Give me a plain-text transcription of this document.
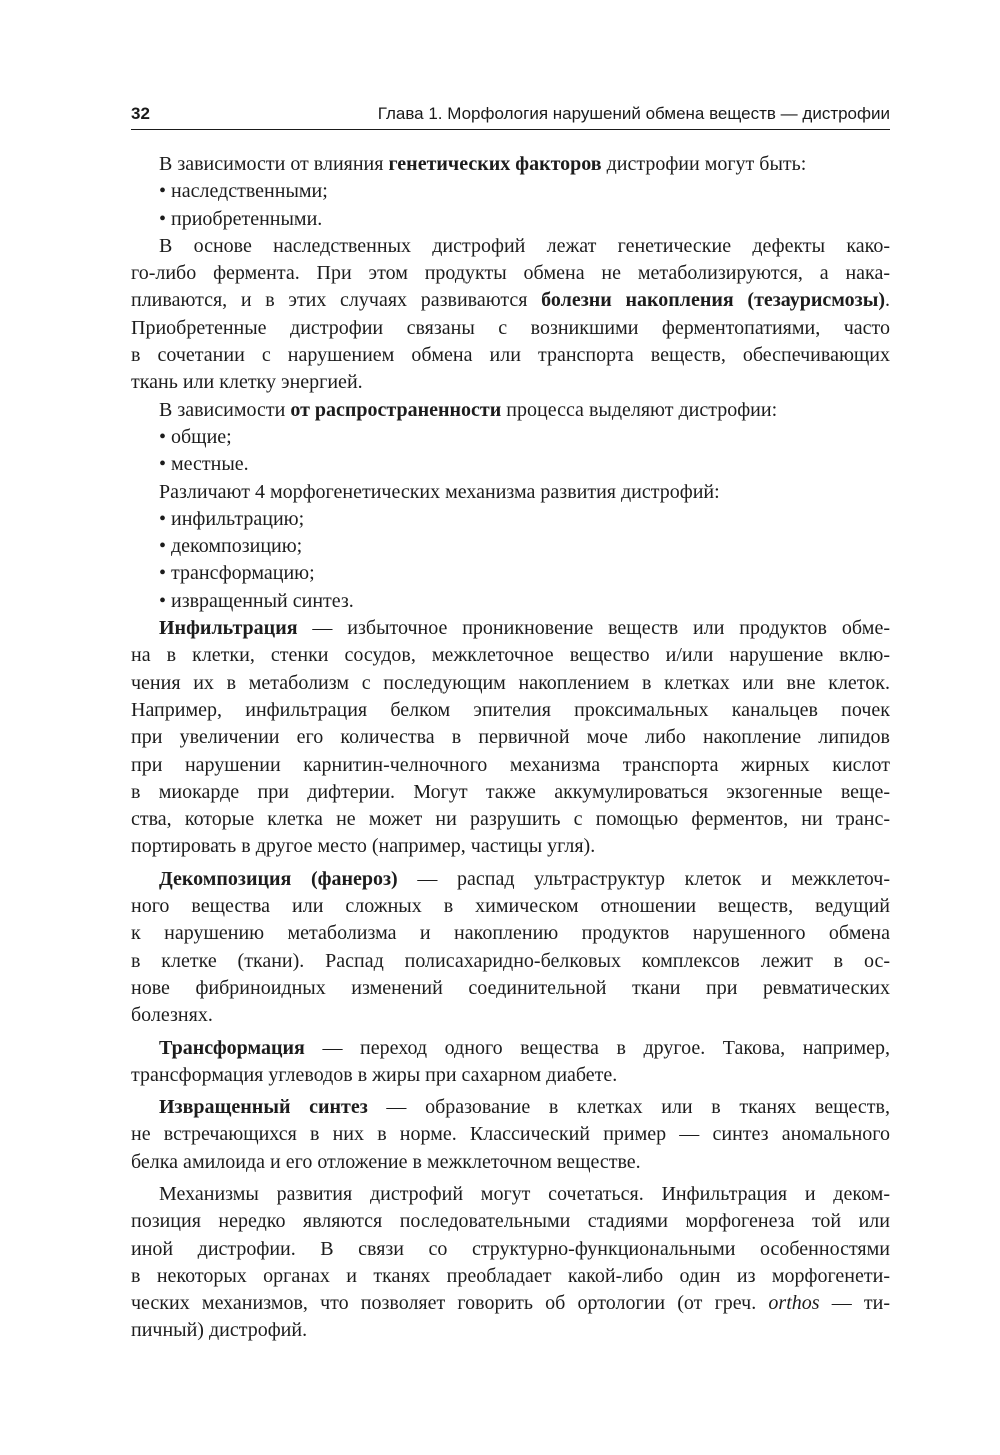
32	Глава 1. Морфология нарушений обмена веществ — дистрофии

В зависимости от влияния генетических факторов дистрофии могут быть:

• наследственными;

• приобретенными.

В основе наследственных дистрофий лежат генетические дефекты како-

го-либо фермента. При этом продукты обмена не метаболизируются, а нака-

пливаются, и в этих случаях развиваются болезни накопления (тезаурисмозы).

Приобретенные дистрофии связаны с возникшими ферментопатиями, часто

в сочетании с нарушением обмена или транспорта веществ, обеспечивающих

ткань или клетку энергией.

В зависимости от распространенности процесса выделяют дистрофии:

• общие;

• местные.

Различают 4 морфогенетических механизма развития дистрофий:

• инфильтрацию;

• декомпозицию;

• трансформацию;

• извращенный синтез.

Инфильтрация — избыточное проникновение веществ или продуктов обме-

на в клетки, стенки сосудов, межклеточное вещество и/или нарушение вклю-

чения их в метаболизм с последующим накоплением в клетках или вне клеток.

Например, инфильтрация белком эпителия проксимальных канальцев почек

при увеличении его количества в первичной моче либо накопление липидов

при нарушении карнитин-челночного механизма транспорта жирных кислот

в миокарде при дифтерии. Могут также аккумулироваться экзогенные веще-

ства, которые клетка не может ни разрушить с помощью ферментов, ни транс-

портировать в другое место (например, частицы угля).

Декомпозиция (фанероз) — распад ультраструктур клеток и межклеточ-

ного вещества или сложных в химическом отношении веществ, ведущий

к нарушению метаболизма и накоплению продуктов нарушенного обмена

в клетке (ткани). Распад полисахаридно-белковых комплексов лежит в ос-

нове фибриноидных изменений соединительной ткани при ревматических

болезнях.

Трансформация — переход одного вещества в другое. Такова, например,

трансформация углеводов в жиры при сахарном диабете.

Извращенный синтез — образование в клетках или в тканях веществ,

не встречающихся в них в норме. Классический пример — синтез аномального

белка амилоида и его отложение в межклеточном веществе.

Механизмы развития дистрофий могут сочетаться. Инфильтрация и деком-

позиция нередко являются последовательными стадиями морфогенеза той или

иной дистрофии. В связи со структурно-функциональными особенностями

в некоторых органах и тканях преобладает какой-либо один из морфогенети-

ческих механизмов, что позволяет говорить об ортологии (от греч. orthos — ти-

пичный) дистрофий.
